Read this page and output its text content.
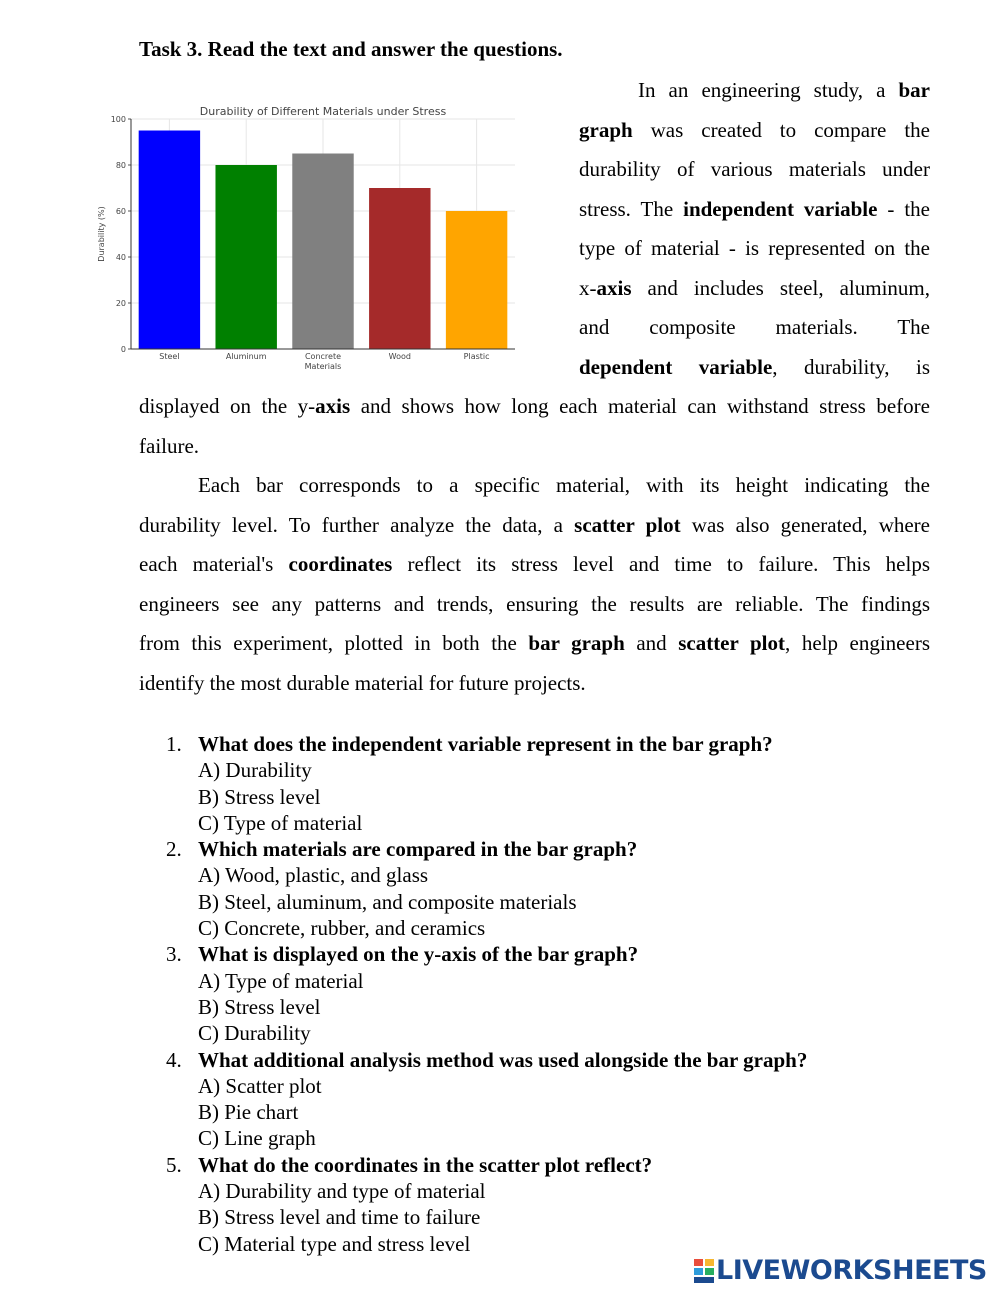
Task 3. Read the text and answer the questions.
Durability of Different Materials under Stress
0
20
40
60
80
100
Steel	Aluminum	Concrete	Wood	Plastic
Materials
Durability (%)
In an engineering study, a bar
graph was created to compare the
durability of various materials under
stress. The independent variable - the
type of material - is represented on the
x-axis and includes steel, aluminum,
and composite materials. The
dependent variable, durability, is
displayed on the y-axis and shows how long each material can withstand stress before
failure.
Each bar corresponds to a specific material, with its height indicating the
durability level. To further analyze the data, a scatter plot was also generated, where
each material's coordinates reflect its stress level and time to failure. This helps
engineers see any patterns and trends, ensuring the results are reliable. The findings
from this experiment, plotted in both the bar graph and scatter plot, help engineers
identify the most durable material for future projects.
1. What does the independent variable represent in the bar graph?
A) Durability
B) Stress level
C) Type of material
2. Which materials are compared in the bar graph?
A) Wood, plastic, and glass
B) Steel, aluminum, and composite materials
C) Concrete, rubber, and ceramics
3. What is displayed on the y-axis of the bar graph?
A) Type of material
B) Stress level
C) Durability
4. What additional analysis method was used alongside the bar graph?
A) Scatter plot
B) Pie chart
C) Line graph
5. What do the coordinates in the scatter plot reflect?
A) Durability and type of material
B) Stress level and time to failure
C) Material type and stress level
LIVEWORKSHEETS
